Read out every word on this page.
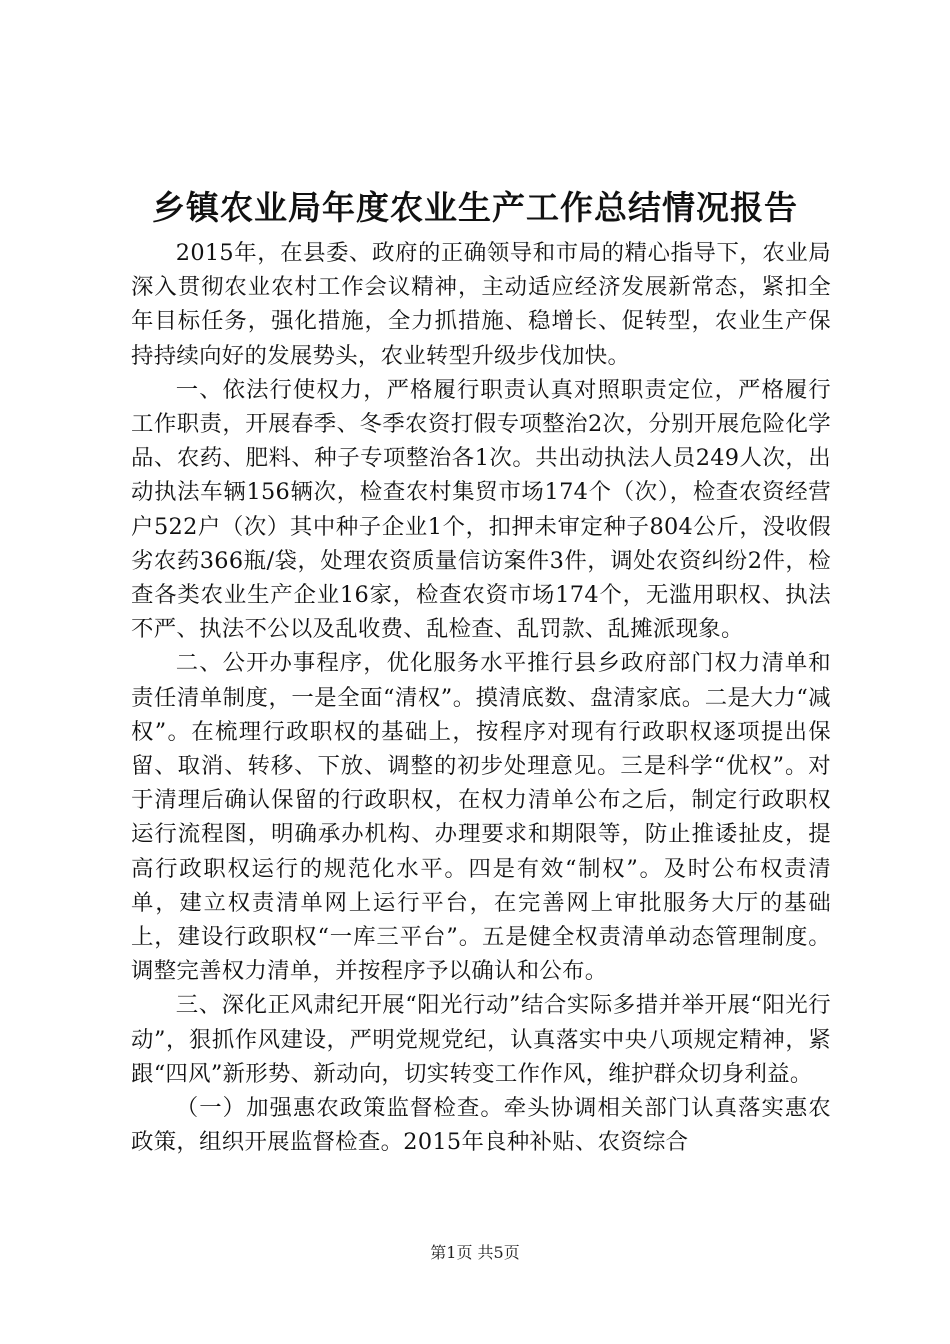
乡镇农业局年度农业生产工作总结情况报告

2015年，在县委、政府的正确领导和市局的精心指导下，农业局深入贯彻农业农村工作会议精神，主动适应经济发展新常态，紧扣全年目标任务，强化措施，全力抓措施、稳增长、促转型，农业生产保持持续向好的发展势头，农业转型升级步伐加快。

一、依法行使权力，严格履行职责认真对照职责定位，严格履行工作职责，开展春季、冬季农资打假专项整治2次，分别开展危险化学品、农药、肥料、种子专项整治各1次。共出动执法人员249人次，出动执法车辆156辆次，检查农村集贸市场174个（次），检查农资经营户522户（次）其中种子企业1个，扣押未审定种子804公斤，没收假劣农药366瓶/袋，处理农资质量信访案件3件，调处农资纠纷2件，检查各类农业生产企业16家，检查农资市场174个，无滥用职权、执法不严、执法不公以及乱收费、乱检查、乱罚款、乱摊派现象。

二、公开办事程序，优化服务水平推行县乡政府部门权力清单和责任清单制度，一是全面“清权”。摸清底数、盘清家底。二是大力“减权”。在梳理行政职权的基础上，按程序对现有行政职权逐项提出保留、取消、转移、下放、调整的初步处理意见。三是科学“优权”。对于清理后确认保留的行政职权，在权力清单公布之后，制定行政职权运行流程图，明确承办机构、办理要求和期限等，防止推诿扯皮，提高行政职权运行的规范化水平。四是有效“制权”。及时公布权责清单，建立权责清单网上运行平台，在完善网上审批服务大厅的基础上，建设行政职权“一库三平台”。五是健全权责清单动态管理制度。调整完善权力清单，并按程序予以确认和公布。

三、深化正风肃纪开展“阳光行动”结合实际多措并举开展“阳光行动”，狠抓作风建设，严明党规党纪，认真落实中央八项规定精神，紧跟“四风”新形势、新动向，切实转变工作作风，维护群众切身利益。

（一）加强惠农政策监督检查。牵头协调相关部门认真落实惠农政策，组织开展监督检查。2015年良种补贴、农资综合

第1页 共5页
